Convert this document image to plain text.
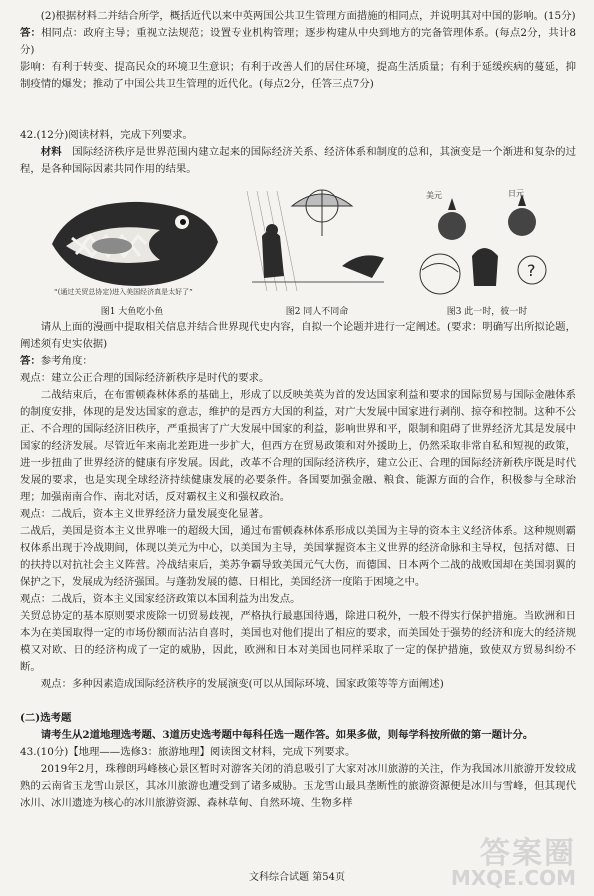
(2)根据材料二并结合所学，概括近代以来中英两国公共卫生管理方面措施的相同点，并说明其对中国的影响。(15分)

答：相同点：政府主导；重视立法规范；设置专业机构管理；逐步构建从中央到地方的完备管理体系。(每点2分，共计8分)

影响：有利于转变、提高民众的环境卫生意识；有利于改善人们的居住环境，提高生活质量；有利于延缓疾病的蔓延，抑制疫情的爆发；推动了中国公共卫生管理的近代化。(每点2分，任答三点7分)

42.(12分)阅读材料，完成下列要求。

材料　 国际经济秩序是世界范围内建立起来的国际经济关系、经济体系和制度的总和，其演变是一个渐进和复杂的过程，是各种国际因素共同作用的结果。

“(通过关贸总协定)进入美国经济真是太好了”
图1 大鱼吃小鱼	图2 同人不同命
美元	日元
?
图3 此一时，彼一时

请从上面的漫画中提取相关信息并结合世界现代史内容，自拟一个论题并进行一定阐述。(要求：明确写出所拟论题，阐述须有史实依据)

答：参考角度：

观点：建立公正合理的国际经济新秩序是时代的要求。

二战结束后，在布雷顿森林体系的基础上，形成了以反映美英为首的发达国家利益和要求的国际贸易与国际金融体系的制度安排，体现的是发达国家的意志，维护的是西方大国的利益，对广大发展中国家进行剥削、掠夺和控制。这种不公正、不合理的国际经济旧秩序，严重损害了广大发展中国家的利益，影响世界和平，限制和阻碍了世界经济尤其是发展中国家的经济发展。尽管近年来南北差距进一步扩大，但西方在贸易政策和对外援助上，仍然采取非常自私和短视的政策，进一步扭曲了世界经济的健康有序发展。因此，改革不合理的国际经济秩序，建立公正、合理的国际经济新秩序既是时代发展的要求，也是实现全球经济持续健康发展的必要条件。各国要加强金融、粮食、能源方面的合作，积极参与全球治理；加强南南合作、南北对话，反对霸权主义和强权政治。

观点：二战后，资本主义世界经济力量发展变化显著。

二战后，美国是资本主义世界唯一的超级大国，通过布雷顿森林体系形成以美国为主导的资本主义经济体系。这种规则霸权体系出现于冷战期间，体现以美元为中心，以美国为主导，美国掌握资本主义世界的经济命脉和主导权，包括对德、日的扶持以对抗社会主义阵营。冷战结束后，美苏争霸导致美国元气大伤，而德国、日本两个二战的战败国却在美国羽翼的保护之下，发展成为经济强国。与蓬勃发展的德、日相比，美国经济一度陷于困境之中。

观点：二战后，资本主义国家经济政策以本国利益为出发点。

关贸总协定的基本原则要求废除一切贸易歧视，严格执行最惠国待遇，除进口税外，一般不得实行保护措施。当欧洲和日本为在美国取得一定的市场份额而沾沾自喜时，美国也对他们提出了相应的要求，而美国处于强势的经济和庞大的经济规模又对欧、日的经济构成了一定的威胁，因此，欧洲和日本对美国也同样采取了一定的保护措施，致使双方贸易纠纷不断。

观点：多种因素造成国际经济秩序的发展演变(可以从国际环境、国家政策等等方面阐述)

(二)选考题

请考生从2道地理选考题、3道历史选考题中每科任选一题作答。如果多做，则每学科按所做的第一题计分。

43.(10分)【地理——选修3：旅游地理】阅读图文材料，完成下列要求。

2019年2月，珠穆朗玛峰核心景区暂时对游客关闭的消息吸引了大家对冰川旅游的关注，作为我国冰川旅游开发较成熟的云南省玉龙雪山景区，其冰川旅游也遭受到了诸多威胁。玉龙雪山最具垄断性的旅游资源便是冰川与雪峰，但其现代冰川、冰川遗迹为核心的冰川旅游资源、森林草甸、自然环境、生物多样

文科综合试题 第54页
答案圈
MXQE.COM
